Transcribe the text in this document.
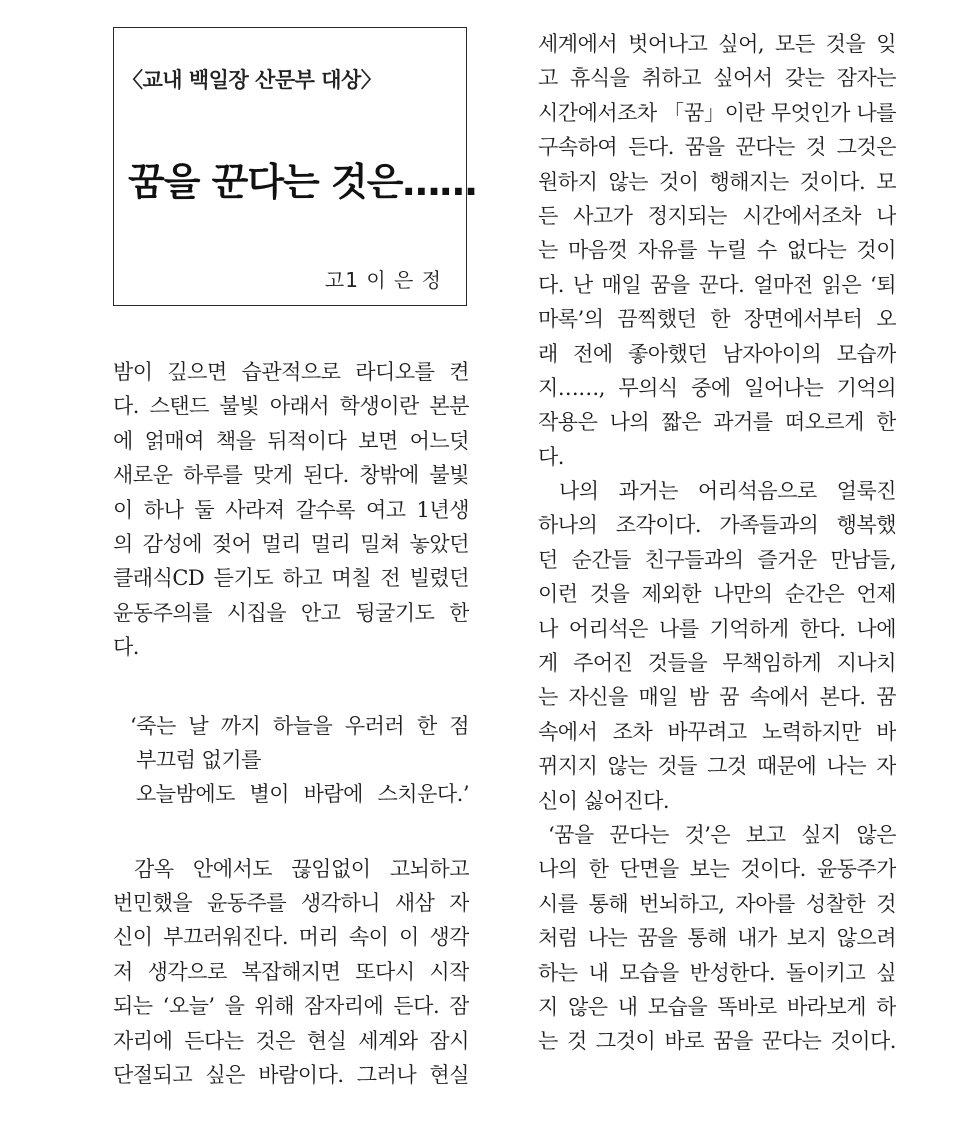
〈교내 백일장 산문부 대상〉
꿈을 꾼다는 것은……
고1 이 은 정
밤이 깊으면 습관적으로 라디오를 켠
다. 스탠드 불빛 아래서 학생이란 본분
에 얽매여 책을 뒤적이다 보면 어느덧
새로운 하루를 맞게 된다. 창밖에 불빛
이 하나 둘 사라져 갈수록 여고 1년생
의 감성에 젖어 멀리 멀리 밀쳐 놓았던
클래식CD 듣기도 하고 며칠 전 빌렸던
윤동주의를 시집을 안고 뒹굴기도 한
다.
‘죽는 날 까지 하늘을 우러러 한 점
부끄럼 없기를
오늘밤에도 별이 바람에 스치운다.’
감옥 안에서도 끊임없이 고뇌하고
번민했을 윤동주를 생각하니 새삼 자
신이 부끄러워진다. 머리 속이 이 생각
저 생각으로 복잡해지면 또다시 시작
되는 ‘오늘’ 을 위해 잠자리에 든다. 잠
자리에 든다는 것은 현실 세계와 잠시
단절되고 싶은 바람이다. 그러나 현실
세계에서 벗어나고 싶어, 모든 것을 잊
고 휴식을 취하고 싶어서 갖는 잠자는
시간에서조차 「꿈」이란 무엇인가 나를
구속하여 든다. 꿈을 꾼다는 것 그것은
원하지 않는 것이 행해지는 것이다. 모
든 사고가 정지되는 시간에서조차 나
는 마음껏 자유를 누릴 수 없다는 것이
다. 난 매일 꿈을 꾼다. 얼마전 읽은 ‘퇴
마록’의 끔찍했던 한 장면에서부터 오
래 전에 좋아했던 남자아이의 모습까
지……, 무의식 중에 일어나는 기억의
작용은 나의 짧은 과거를 떠오르게 한
다.
나의 과거는 어리석음으로 얼룩진
하나의 조각이다. 가족들과의 행복했
던 순간들 친구들과의 즐거운 만남들,
이런 것을 제외한 나만의 순간은 언제
나 어리석은 나를 기억하게 한다. 나에
게 주어진 것들을 무책임하게 지나치
는 자신을 매일 밤 꿈 속에서 본다. 꿈
속에서 조차 바꾸려고 노력하지만 바
뀌지지 않는 것들 그것 때문에 나는 자
신이 싫어진다.
‘꿈을 꾼다는 것’은 보고 싶지 않은
나의 한 단면을 보는 것이다. 윤동주가
시를 통해 번뇌하고, 자아를 성찰한 것
처럼 나는 꿈을 통해 내가 보지 않으려
하는 내 모습을 반성한다. 돌이키고 싶
지 않은 내 모습을 똑바로 바라보게 하
는 것 그것이 바로 꿈을 꾼다는 것이다.
